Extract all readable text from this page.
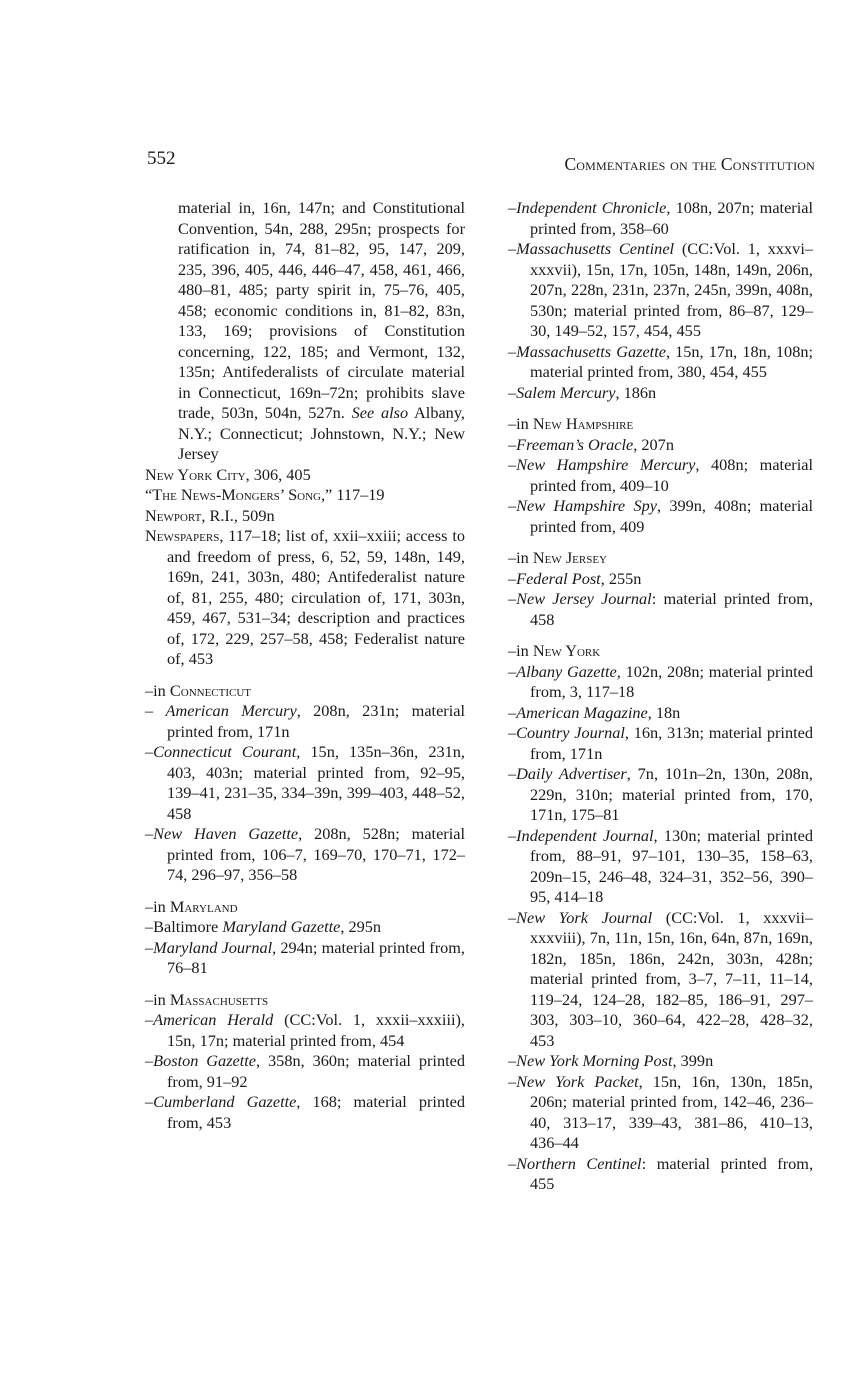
552	Commentaries on the Constitution
material in, 16n, 147n; and Constitutional Convention, 54n, 288, 295n; prospects for ratification in, 74, 81–82, 95, 147, 209, 235, 396, 405, 446, 446–47, 458, 461, 466, 480–81, 485; party spirit in, 75–76, 405, 458; economic conditions in, 81–82, 83n, 133, 169; provisions of Constitution concerning, 122, 185; and Vermont, 132, 135n; Antifederalists of circulate material in Connecticut, 169n–72n; prohibits slave trade, 503n, 504n, 527n. See also Albany, N.Y.; Connecticut; Johnstown, N.Y.; New Jersey
New York City, 306, 405
“The News-Mongers’ Song,” 117–19
Newport, R.I., 509n
Newspapers, 117–18; list of, xxii–xxiii; access to and freedom of press, 6, 52, 59, 148n, 149, 169n, 241, 303n, 480; Antifederalist nature of, 81, 255, 480; circulation of, 171, 303n, 459, 467, 531–34; description and practices of, 172, 229, 257–58, 458; Federalist nature of, 453
–in Connecticut
– American Mercury, 208n, 231n; material printed from, 171n
–Connecticut Courant, 15n, 135n–36n, 231n, 403, 403n; material printed from, 92–95, 139–41, 231–35, 334–39n, 399–403, 448–52, 458
–New Haven Gazette, 208n, 528n; material printed from, 106–7, 169–70, 170–71, 172–74, 296–97, 356–58
–in Maryland
–Baltimore Maryland Gazette, 295n
–Maryland Journal, 294n; material printed from, 76–81
–in Massachusetts
–American Herald (CC:Vol. 1, xxxii–xxxiii), 15n, 17n; material printed from, 454
–Boston Gazette, 358n, 360n; material printed from, 91–92
–Cumberland Gazette, 168; material printed from, 453
–Independent Chronicle, 108n, 207n; material printed from, 358–60
–Massachusetts Centinel (CC:Vol. 1, xxxvi–xxxvii), 15n, 17n, 105n, 148n, 149n, 206n, 207n, 228n, 231n, 237n, 245n, 399n, 408n, 530n; material printed from, 86–87, 129–30, 149–52, 157, 454, 455
–Massachusetts Gazette, 15n, 17n, 18n, 108n; material printed from, 380, 454, 455
–Salem Mercury, 186n
–in New Hampshire
–Freeman’s Oracle, 207n
–New Hampshire Mercury, 408n; material printed from, 409–10
–New Hampshire Spy, 399n, 408n; material printed from, 409
–in New Jersey
–Federal Post, 255n
–New Jersey Journal: material printed from, 458
–in New York
–Albany Gazette, 102n, 208n; material printed from, 3, 117–18
–American Magazine, 18n
–Country Journal, 16n, 313n; material printed from, 171n
–Daily Advertiser, 7n, 101n–2n, 130n, 208n, 229n, 310n; material printed from, 170, 171n, 175–81
–Independent Journal, 130n; material printed from, 88–91, 97–101, 130–35, 158–63, 209n–15, 246–48, 324–31, 352–56, 390–95, 414–18
–New York Journal (CC:Vol. 1, xxxvii–xxxviii), 7n, 11n, 15n, 16n, 64n, 87n, 169n, 182n, 185n, 186n, 242n, 303n, 428n; material printed from, 3–7, 7–11, 11–14, 119–24, 124–28, 182–85, 186–91, 297–303, 303–10, 360–64, 422–28, 428–32, 453
–New York Morning Post, 399n
–New York Packet, 15n, 16n, 130n, 185n, 206n; material printed from, 142–46, 236–40, 313–17, 339–43, 381–86, 410–13, 436–44
–Northern Centinel: material printed from, 455
